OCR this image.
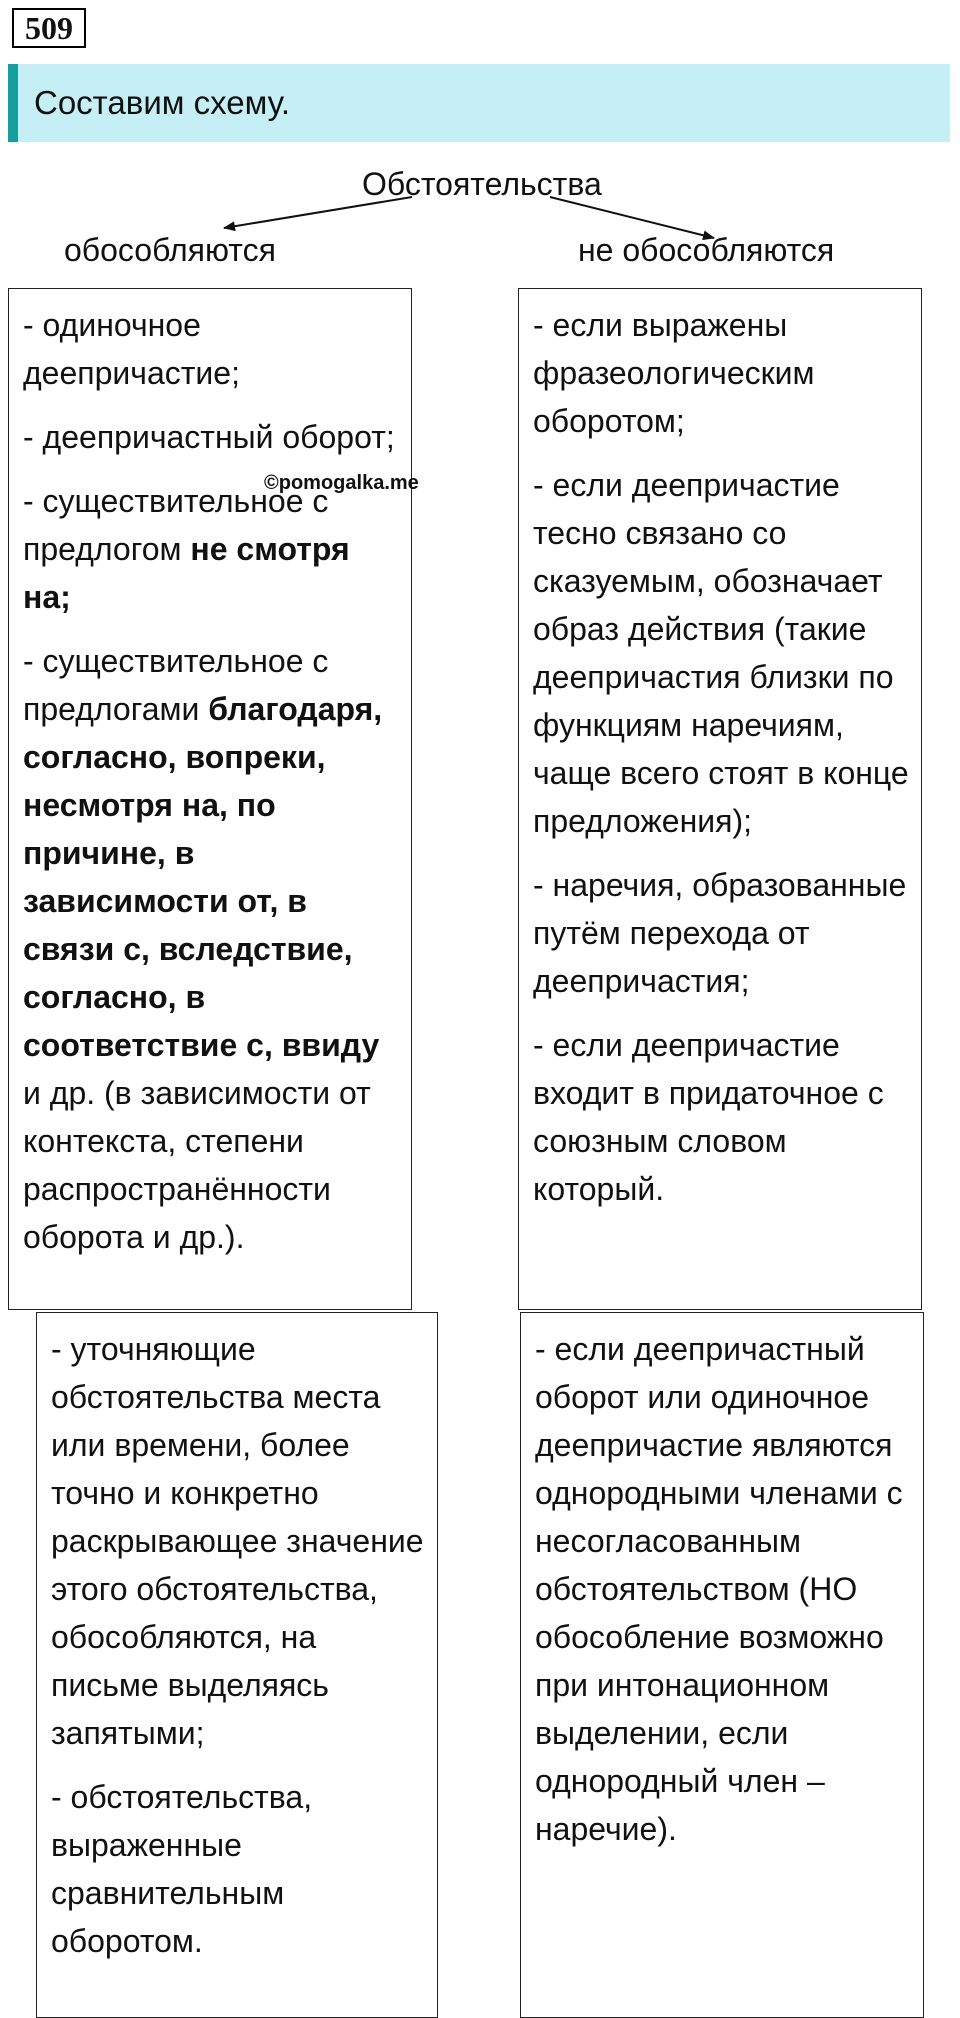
509
Составим схему.
Обстоятельства
обособляются	не обособляются

- одиночное деепричастие;

- деепричастный оборот;

- существительное с предлогом не смотря на;

- существительное с предлогами благодаря, согласно, вопреки, несмотря на, по причине, в зависимости от, в связи с, вследствие, согласно, в соответствие с, ввиду и др. (в зависимости от контекста, степени распространённости оборота и др.).

©pomogalka.me

- если выражены фразеологическим оборотом;

- если деепричастие тесно связано со сказуемым, обозначает образ действия (такие деепричастия близки по функциям наречиям, чаще всего стоят в конце предложения);

- наречия, образованные путём перехода от деепричастия;

- если деепричастие входит в придаточное с союзным словом который.

- уточняющие обстоятельства места или времени, более точно и конкретно раскрывающее значение этого обстоятельства, обособляются, на письме выделяясь запятыми;

- обстоятельства, выраженные сравнительным оборотом.

- если деепричастный оборот или одиночное деепричастие являются однородными членами с несогласованным обстоятельством (НО обособление возможно при интонационном выделении, если однородный член – наречие).
